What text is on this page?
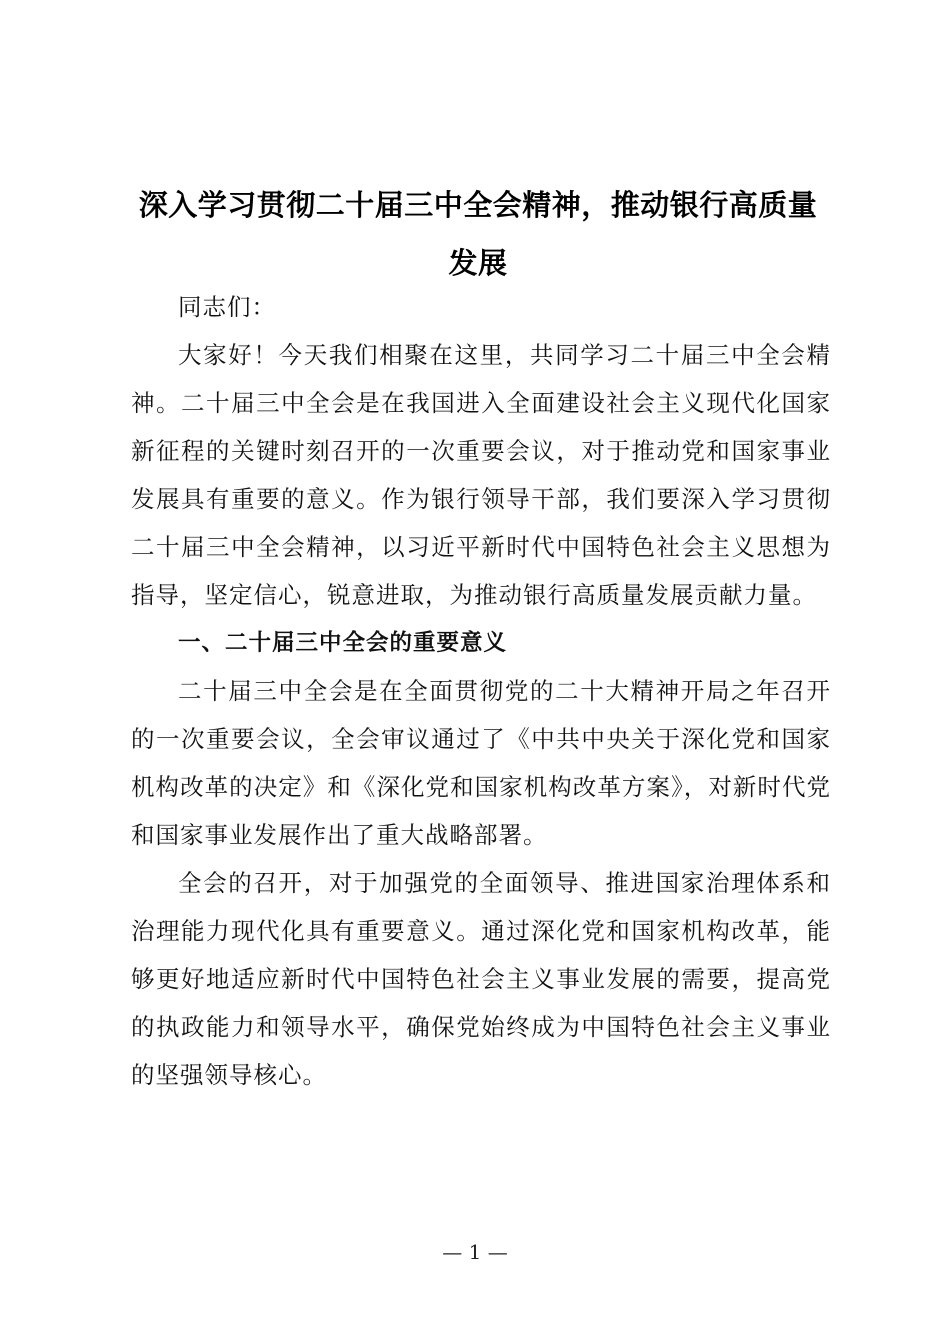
深入学习贯彻二十届三中全会精神，推动银行高质量发展

同志们：

大家好！今天我们相聚在这里，共同学习二十届三中全会精神。二十届三中全会是在我国进入全面建设社会主义现代化国家新征程的关键时刻召开的一次重要会议，对于推动党和国家事业发展具有重要的意义。作为银行领导干部，我们要深入学习贯彻二十届三中全会精神，以习近平新时代中国特色社会主义思想为指导，坚定信心，锐意进取，为推动银行高质量发展贡献力量。

一、二十届三中全会的重要意义

二十届三中全会是在全面贯彻党的二十大精神开局之年召开的一次重要会议，全会审议通过了《中共中央关于深化党和国家机构改革的决定》和《深化党和国家机构改革方案》，对新时代党和国家事业发展作出了重大战略部署。

全会的召开，对于加强党的全面领导、推进国家治理体系和治理能力现代化具有重要意义。通过深化党和国家机构改革，能够更好地适应新时代中国特色社会主义事业发展的需要，提高党的执政能力和领导水平，确保党始终成为中国特色社会主义事业的坚强领导核心。

— 1 —
